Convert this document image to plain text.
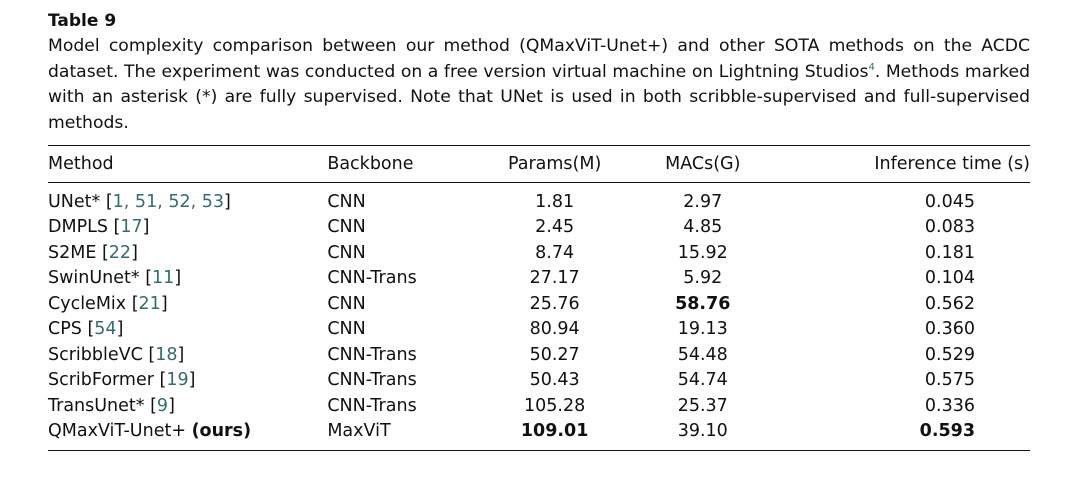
Table 9

Model complexity comparison between our method (QMaxViT-Unet+) and other SOTA methods on the ACDC dataset. The experiment was conducted on a free version virtual machine on Lightning Studios$^4$. Methods marked with an asterisk (*) are fully supervised. Note that UNet is used in both scribble-supervised and full-supervised methods.

Method	Backbone	Params(M)	MACs(G)	Inference time (s)
UNet* [1, 51, 52, 53]	CNN	1.81	2.97	0.045
DMPLS [17]	CNN	2.45	4.85	0.083
S2ME [22]	CNN	8.74	15.92	0.181
SwinUnet* [11]	CNN-Trans	27.17	5.92	0.104
CycleMix [21]	CNN	25.76	58.76	0.562
CPS [54]	CNN	80.94	19.13	0.360
ScribbleVC [18]	CNN-Trans	50.27	54.48	0.529
ScribFormer [19]	CNN-Trans	50.43	54.74	0.575
TransUnet* [9]	CNN-Trans	105.28	25.37	0.336
QMaxViT-Unet+ (ours)	MaxViT	109.01	39.10	0.593
